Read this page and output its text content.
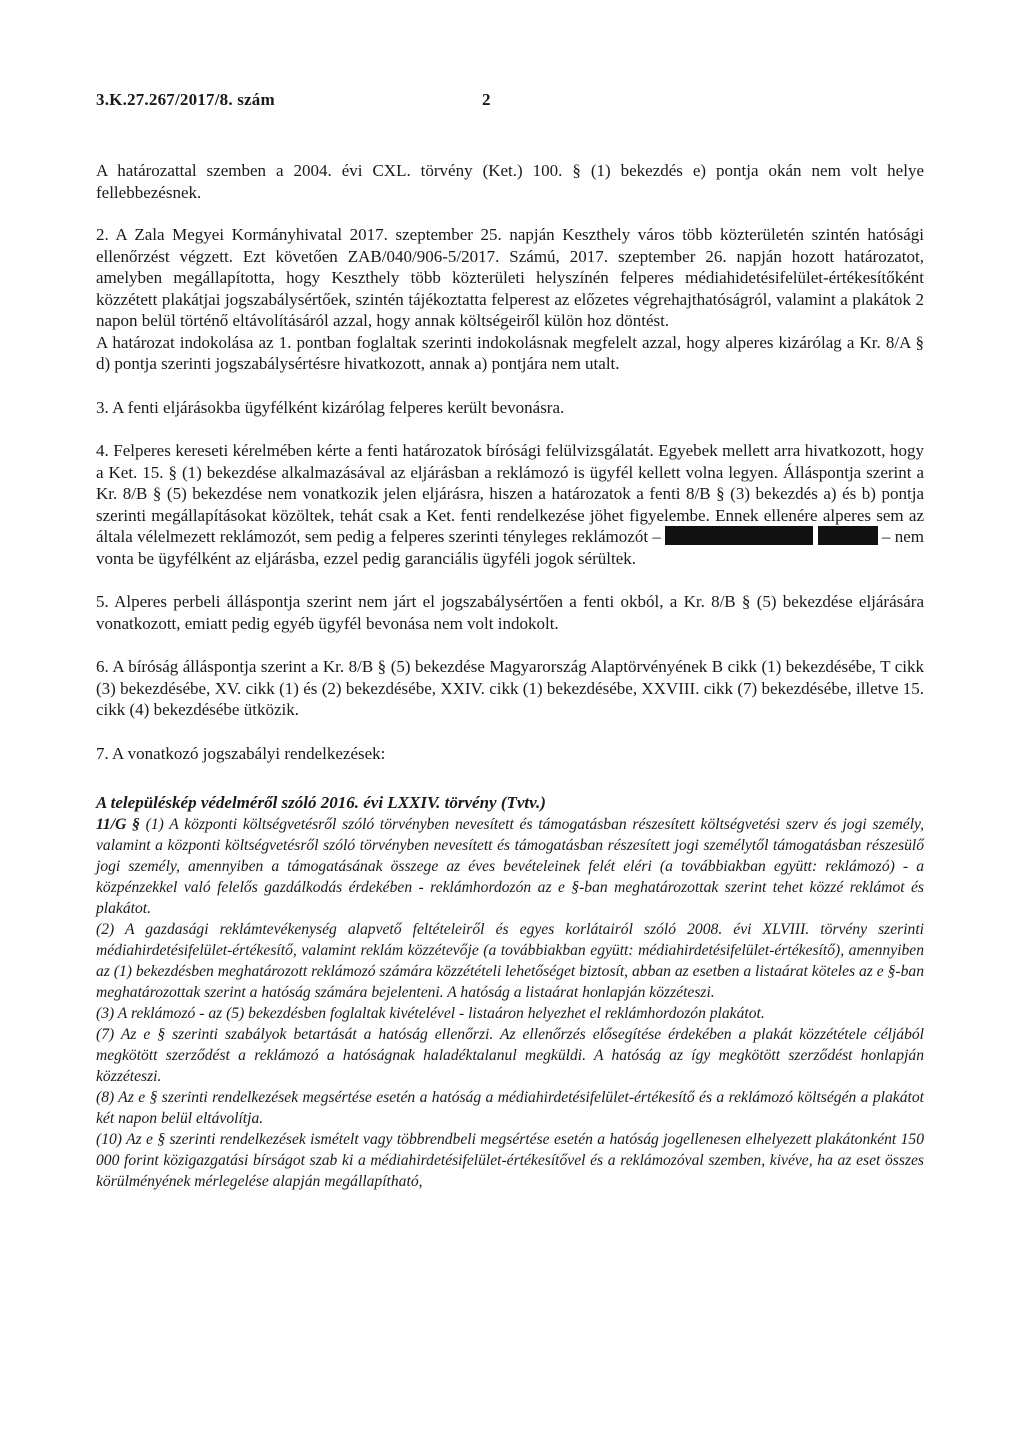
3.K.27.267/2017/8. szám	2

A határozattal szemben a 2004. évi CXL. törvény (Ket.) 100. § (1) bekezdés e) pontja okán nem volt helye fellebbezésnek.

2. A Zala Megyei Kormányhivatal 2017. szeptember 25. napján Keszthely város több közterületén szintén hatósági ellenőrzést végzett. Ezt követően ZAB/040/906-5/2017. Számú, 2017. szeptember 26. napján hozott határozatot, amelyben megállapította, hogy Keszthely több közterületi helyszínén felperes médiahidetésifelület-értékesítőként közzétett plakátjai jogszabálysértőek, szintén tájékoztatta felperest az előzetes végrehajthatóságról, valamint a plakátok 2 napon belül történő eltávolításáról azzal, hogy annak költségeiről külön hoz döntést.

A határozat indokolása az 1. pontban foglaltak szerinti indokolásnak megfelelt azzal, hogy alperes kizárólag a Kr. 8/A § d) pontja szerinti jogszabálysértésre hivatkozott, annak a) pontjára nem utalt.

3. A fenti eljárásokba ügyfélként kizárólag felperes került bevonásra.

4. Felperes kereseti kérelmében kérte a fenti határozatok bírósági felülvizsgálatát. Egyebek mellett arra hivatkozott, hogy a Ket. 15. § (1) bekezdése alkalmazásával az eljárásban a reklámozó is ügyfél kellett volna legyen. Álláspontja szerint a Kr. 8/B § (5) bekezdése nem vonatkozik jelen eljárásra, hiszen a határozatok a fenti 8/B § (3) bekezdés a) és b) pontja szerinti megállapításokat közöltek, tehát csak a Ket. fenti rendelkezése jöhet figyelembe. Ennek ellenére alperes sem az általa vélelmezett reklámozót, sem pedig a felperes szerinti tényleges reklámozót –	– nem vonta be ügyfélként az eljárásba, ezzel pedig garanciális ügyféli jogok sérültek.

5. Alperes perbeli álláspontja szerint nem járt el jogszabálysértően a fenti okból, a Kr. 8/B § (5) bekezdése eljárására vonatkozott, emiatt pedig egyéb ügyfél bevonása nem volt indokolt.

6. A bíróság álláspontja szerint a Kr. 8/B § (5) bekezdése Magyarország Alaptörvényének B cikk (1) bekezdésébe, T cikk (3) bekezdésébe, XV. cikk (1) és (2) bekezdésébe, XXIV. cikk (1) bekezdésébe, XXVIII. cikk (7) bekezdésébe, illetve 15. cikk (4) bekezdésébe ütközik.

7. A vonatkozó jogszabályi rendelkezések:

A településkép védelméről szóló 2016. évi LXXIV. törvény (Tvtv.)

11/G § (1) A központi költségvetésről szóló törvényben nevesített és támogatásban részesített költségvetési szerv és jogi személy, valamint a központi költségvetésről szóló törvényben nevesített és támogatásban részesített jogi személytől támogatásban részesülő jogi személy, amennyiben a támogatásának összege az éves bevételeinek felét eléri (a továbbiakban együtt: reklámozó) - a közpénzekkel való felelős gazdálkodás érdekében - reklámhordozón az e §-ban meghatározottak szerint tehet közzé reklámot és plakátot.

(2) A gazdasági reklámtevékenység alapvető feltételeiről és egyes korlátairól szóló 2008. évi XLVIII. törvény szerinti médiahirdetésifelület-értékesítő, valamint reklám közzétevője (a továbbiakban együtt: médiahirdetésifelület-értékesítő), amennyiben az (1) bekezdésben meghatározott reklámozó számára közzétételi lehetőséget biztosít, abban az esetben a listaárat köteles az e §-ban meghatározottak szerint a hatóság számára bejelenteni. A hatóság a listaárat honlapján közzéteszi.

(3) A reklámozó - az (5) bekezdésben foglaltak kivételével - listaáron helyezhet el reklámhordozón plakátot.

(7) Az e § szerinti szabályok betartását a hatóság ellenőrzi. Az ellenőrzés elősegítése érdekében a plakát közzététele céljából megkötött szerződést a reklámozó a hatóságnak haladéktalanul megküldi. A hatóság az így megkötött szerződést honlapján közzéteszi.

(8) Az e § szerinti rendelkezések megsértése esetén a hatóság a médiahirdetésifelület-értékesítő és a reklámozó költségén a plakátot két napon belül eltávolítja.

(10) Az e § szerinti rendelkezések ismételt vagy többrendbeli megsértése esetén a hatóság jogellenesen elhelyezett plakátonként 150 000 forint közigazgatási bírságot szab ki a médiahirdetésifelület-értékesítővel és a reklámozóval szemben, kivéve, ha az eset összes körülményének mérlegelése alapján megállapítható,
